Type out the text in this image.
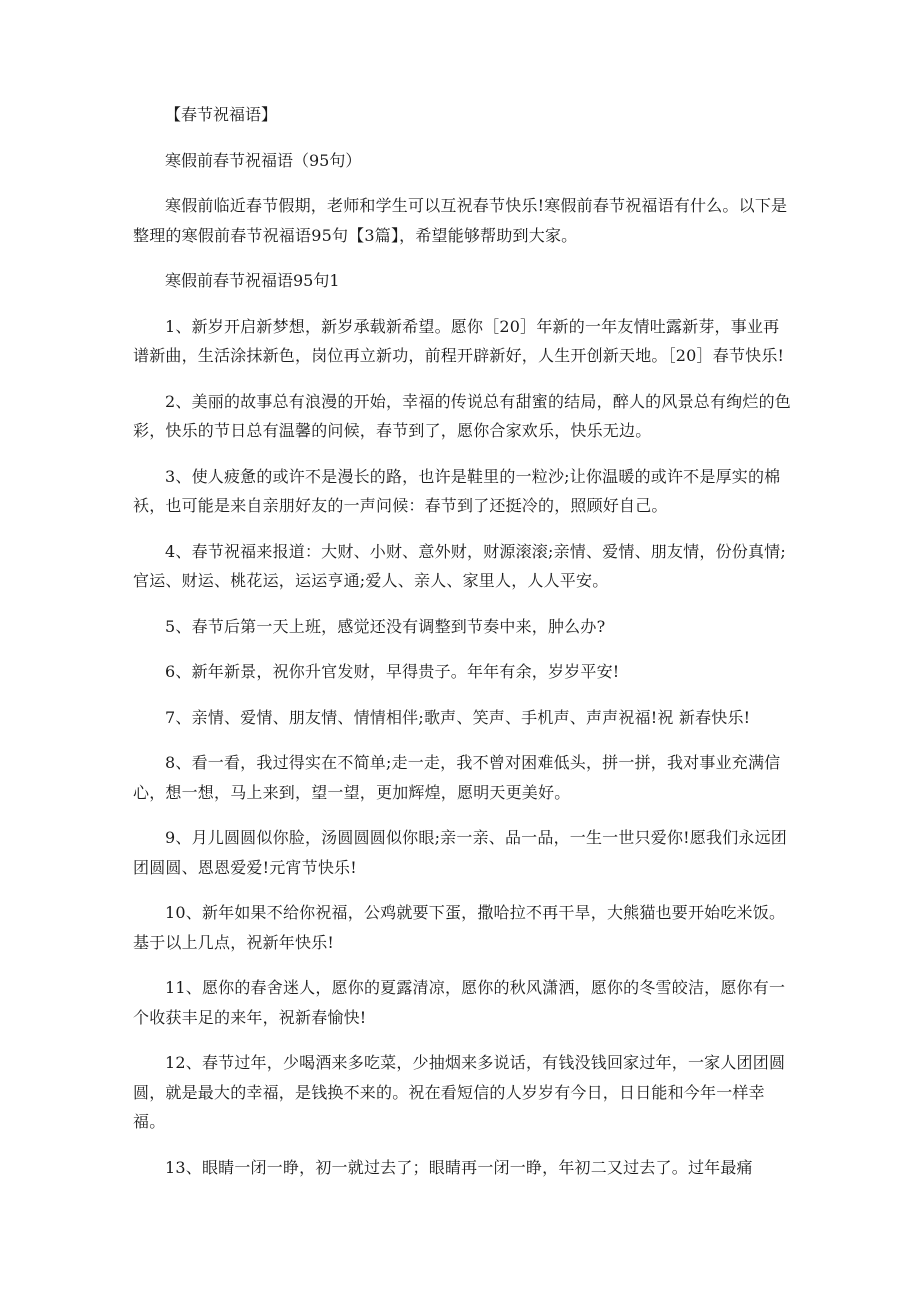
【春节祝福语】

寒假前春节祝福语（95句）

寒假前临近春节假期，老师和学生可以互祝春节快乐!寒假前春节祝福语有什么。以下是整理的寒假前春节祝福语95句【3篇】，希望能够帮助到大家。

寒假前春节祝福语95句1

1、新岁开启新梦想，新岁承载新希望。愿你［20］年新的一年友情吐露新芽，事业再谱新曲，生活涂抹新色，岗位再立新功，前程开辟新好，人生开创新天地。［20］春节快乐!

2、美丽的故事总有浪漫的开始，幸福的传说总有甜蜜的结局，醉人的风景总有绚烂的色彩，快乐的节日总有温馨的问候，春节到了，愿你合家欢乐，快乐无边。

3、使人疲惫的或许不是漫长的路，也许是鞋里的一粒沙;让你温暖的或许不是厚实的棉袄，也可能是来自亲朋好友的一声问候：春节到了还挺冷的，照顾好自己。

4、春节祝福来报道：大财、小财、意外财，财源滚滚;亲情、爱情、朋友情，份份真情;官运、财运、桃花运，运运亨通;爱人、亲人、家里人，人人平安。

5、春节后第一天上班，感觉还没有调整到节奏中来，肿么办?

6、新年新景，祝你升官发财，早得贵子。年年有余，岁岁平安!

7、亲情、爱情、朋友情、情情相伴;歌声、笑声、手机声、声声祝福!祝 新春快乐!

8、看一看，我过得实在不简单;走一走，我不曾对困难低头，拼一拼，我对事业充满信心，想一想，马上来到，望一望，更加辉煌，愿明天更美好。

9、月儿圆圆似你脸，汤圆圆圆似你眼;亲一亲、品一品，一生一世只爱你!愿我们永远团团圆圆、恩恩爱爱!元宵节快乐!

10、新年如果不给你祝福，公鸡就要下蛋，撒哈拉不再干旱，大熊猫也要开始吃米饭。基于以上几点，祝新年快乐!

11、愿你的春舍迷人，愿你的夏露清凉，愿你的秋风潇洒，愿你的冬雪皎洁，愿你有一个收获丰足的来年，祝新春愉快!

12、春节过年，少喝酒来多吃菜，少抽烟来多说话，有钱没钱回家过年，一家人团团圆圆，就是最大的幸福，是钱换不来的。祝在看短信的人岁岁有今日，日日能和今年一样幸福。

13、眼睛一闭一睁，初一就过去了；眼睛再一闭一睁，年初二又过去了。过年最痛
